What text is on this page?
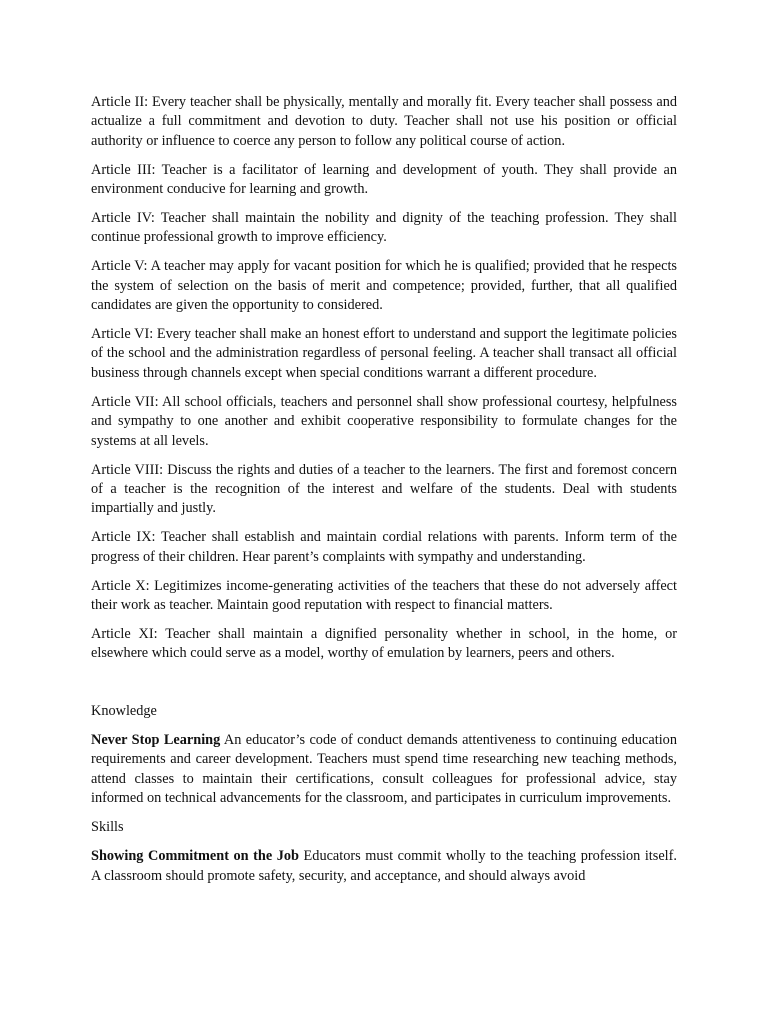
Article II: Every teacher shall be physically, mentally and morally fit. Every teacher shall possess and actualize a full commitment and devotion to duty. Teacher shall not use his position or official authority or influence to coerce any person to follow any political course of action.

Article III: Teacher is a facilitator of learning and development of youth. They shall provide an environment conducive for learning and growth.

Article IV: Teacher shall maintain the nobility and dignity of the teaching profession. They shall continue professional growth to improve efficiency.

Article V: A teacher may apply for vacant position for which he is qualified; provided that he respects the system of selection on the basis of merit and competence; provided, further, that all qualified candidates are given the opportunity to considered.

Article VI: Every teacher shall make an honest effort to understand and support the legitimate policies of the school and the administration regardless of personal feeling. A teacher shall transact all official business through channels except when special conditions warrant a different procedure.

Article VII: All school officials, teachers and personnel shall show professional courtesy, helpfulness and sympathy to one another and exhibit cooperative responsibility to formulate changes for the systems at all levels.

Article VIII: Discuss the rights and duties of a teacher to the learners. The first and foremost concern of a teacher is the recognition of the interest and welfare of the students. Deal with students impartially and justly.

Article IX: Teacher shall establish and maintain cordial relations with parents. Inform term of the progress of their children. Hear parent’s complaints with sympathy and understanding.

Article X: Legitimizes income-generating activities of the teachers that these do not adversely affect their work as teacher. Maintain good reputation with respect to financial matters.

Article XI: Teacher shall maintain a dignified personality whether in school, in the home, or elsewhere which could serve as a model, worthy of emulation by learners, peers and others.

Knowledge

Never Stop Learning An educator’s code of conduct demands attentiveness to continuing education requirements and career development. Teachers must spend time researching new teaching methods, attend classes to maintain their certifications, consult colleagues for professional advice, stay informed on technical advancements for the classroom, and participates in curriculum improvements.

Skills

Showing Commitment on the Job Educators must commit wholly to the teaching profession itself. A classroom should promote safety, security, and acceptance, and should always avoid
